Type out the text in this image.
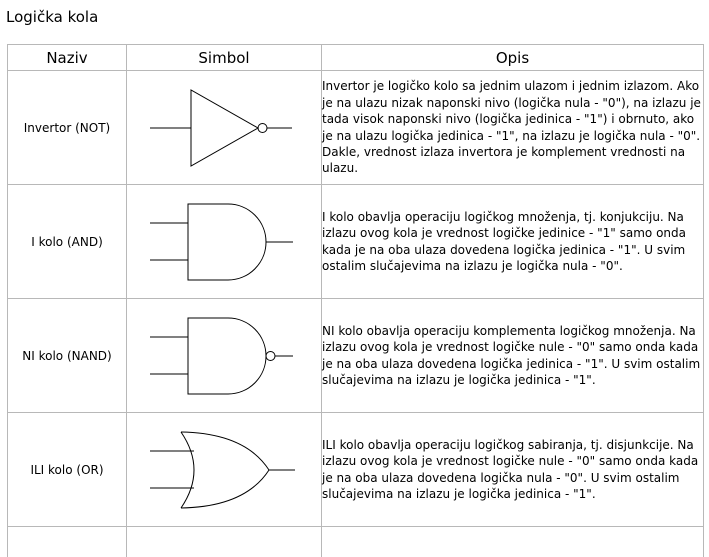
Logička kola
Naziv	Simbol	Opis
Invertor (NOT)		Invertor je logičko kolo sa jednim ulazom i jednim izlazom. Ako je na ulazu nizak naponski nivo (logička nula - "0"), na izlazu je tada visok naponski nivo (logička jedinica - "1") i obrnuto, ako je na ulazu logička jedinica - "1", na izlazu je logička nula - "0".

Dakle, vrednost izlaza invertora je komplement vrednosti na ulazu.

I kolo (AND)		I kolo obavlja operaciju logičkog množenja, tj. konjukciju. Na izlazu ovog kola je vrednost logičke jedinice - "1" samo onda kada je na oba ulaza dovedena logička jedinica - "1". U svim ostalim slučajevima na izlazu je logička nula - "0".

NI kolo (NAND)		NI kolo obavlja operaciju komplementa logičkog množenja. Na izlazu ovog kola je vrednost logičke nule - "0" samo onda kada je na oba ulaza dovedena logička jedinica - "1". U svim ostalim slučajevima na izlazu je logička jedinica - "1".

ILI kolo (OR)		ILI kolo obavlja operaciju logičkog sabiranja, tj. disjunkcije. Na izlazu ovog kola je vrednost logičke nule - "0" samo onda kada je na oba ulaza dovedena logička nula - "0". U svim ostalim slučajevima na izlazu je logička jedinica - "1".
